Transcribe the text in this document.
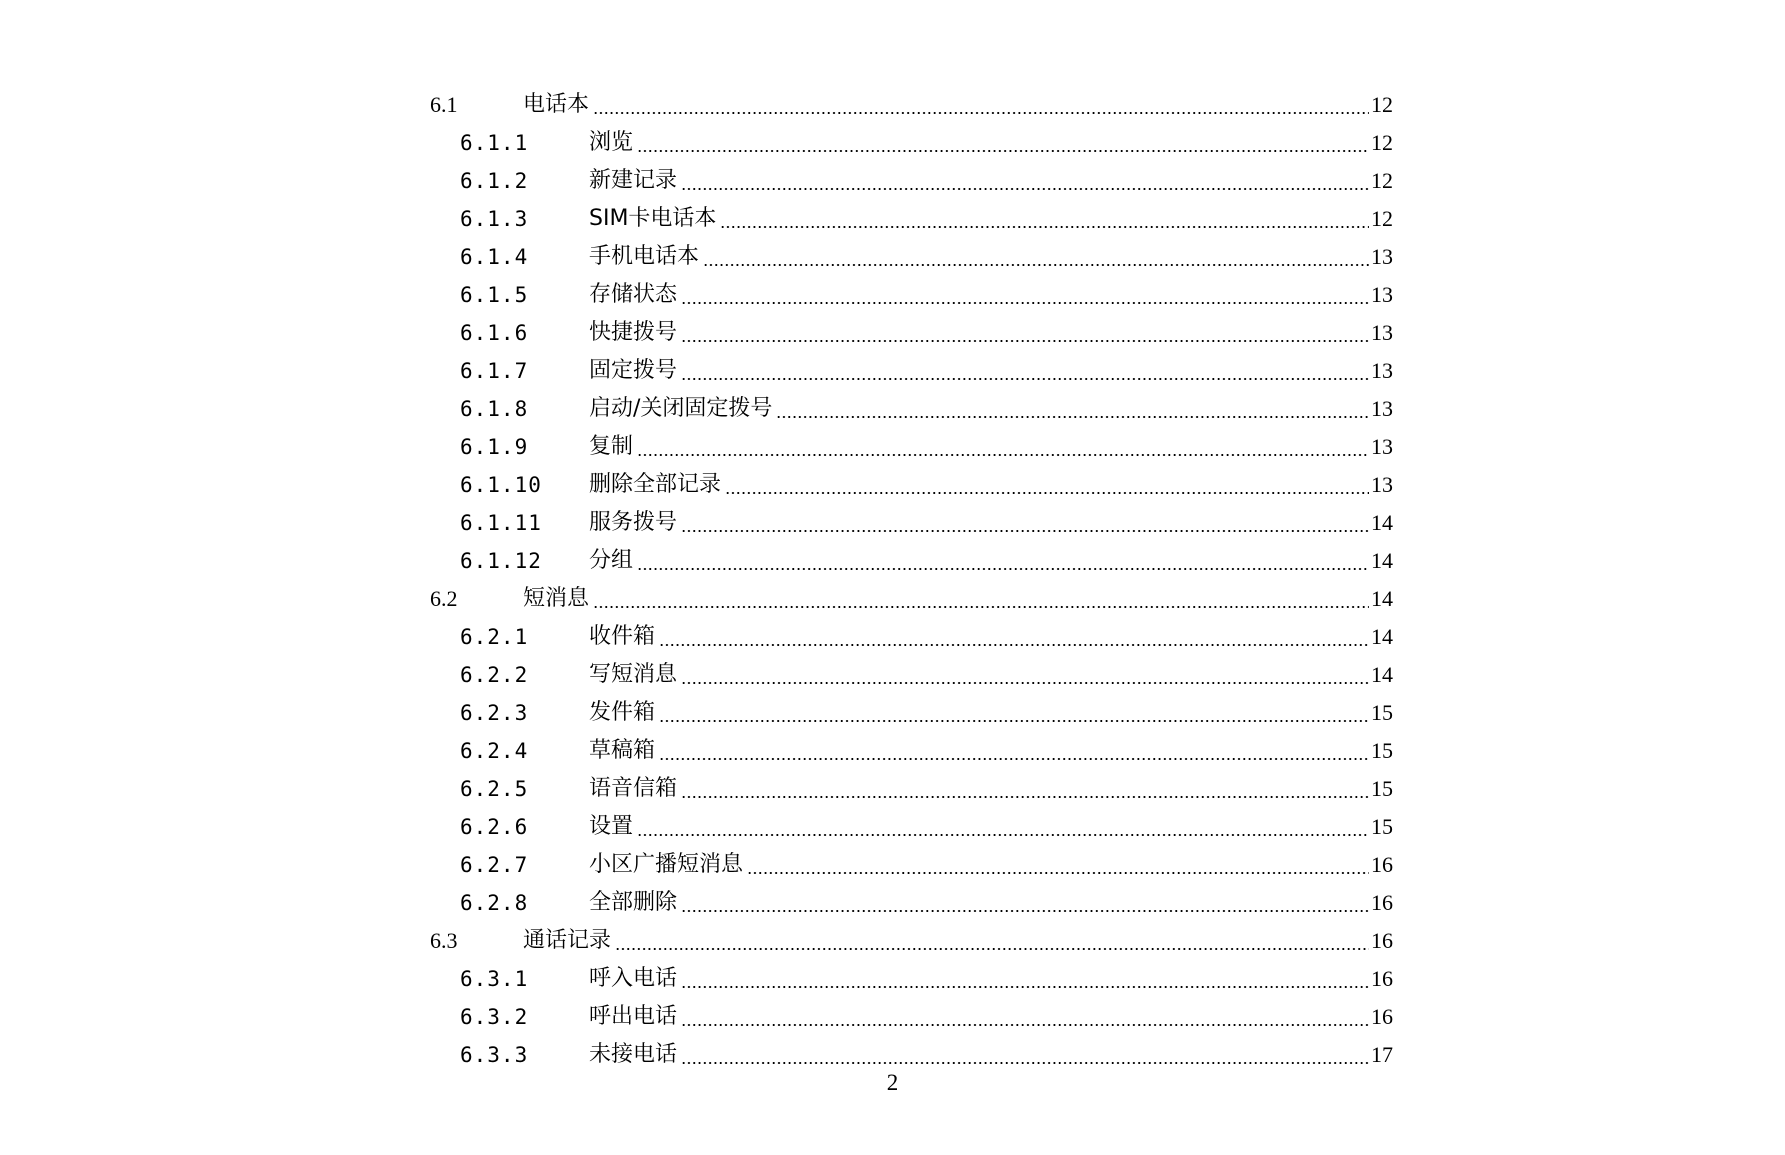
6.1	电话本	12
6.1.1	浏览	12
6.1.2	新建记录	12
6.1.3	SIM卡电话本	12
6.1.4	手机电话本	13
6.1.5	存储状态	13
6.1.6	快捷拨号	13
6.1.7	固定拨号	13
6.1.8	启动/关闭固定拨号	13
6.1.9	复制	13
6.1.10	删除全部记录	13
6.1.11	服务拨号	14
6.1.12	分组	14
6.2	短消息	14
6.2.1	收件箱	14
6.2.2	写短消息	14
6.2.3	发件箱	15
6.2.4	草稿箱	15
6.2.5	语音信箱	15
6.2.6	设置	15
6.2.7	小区广播短消息	16
6.2.8	全部删除	16
6.3	通话记录	16
6.3.1	呼入电话	16
6.3.2	呼出电话	16
6.3.3	未接电话	17
2
